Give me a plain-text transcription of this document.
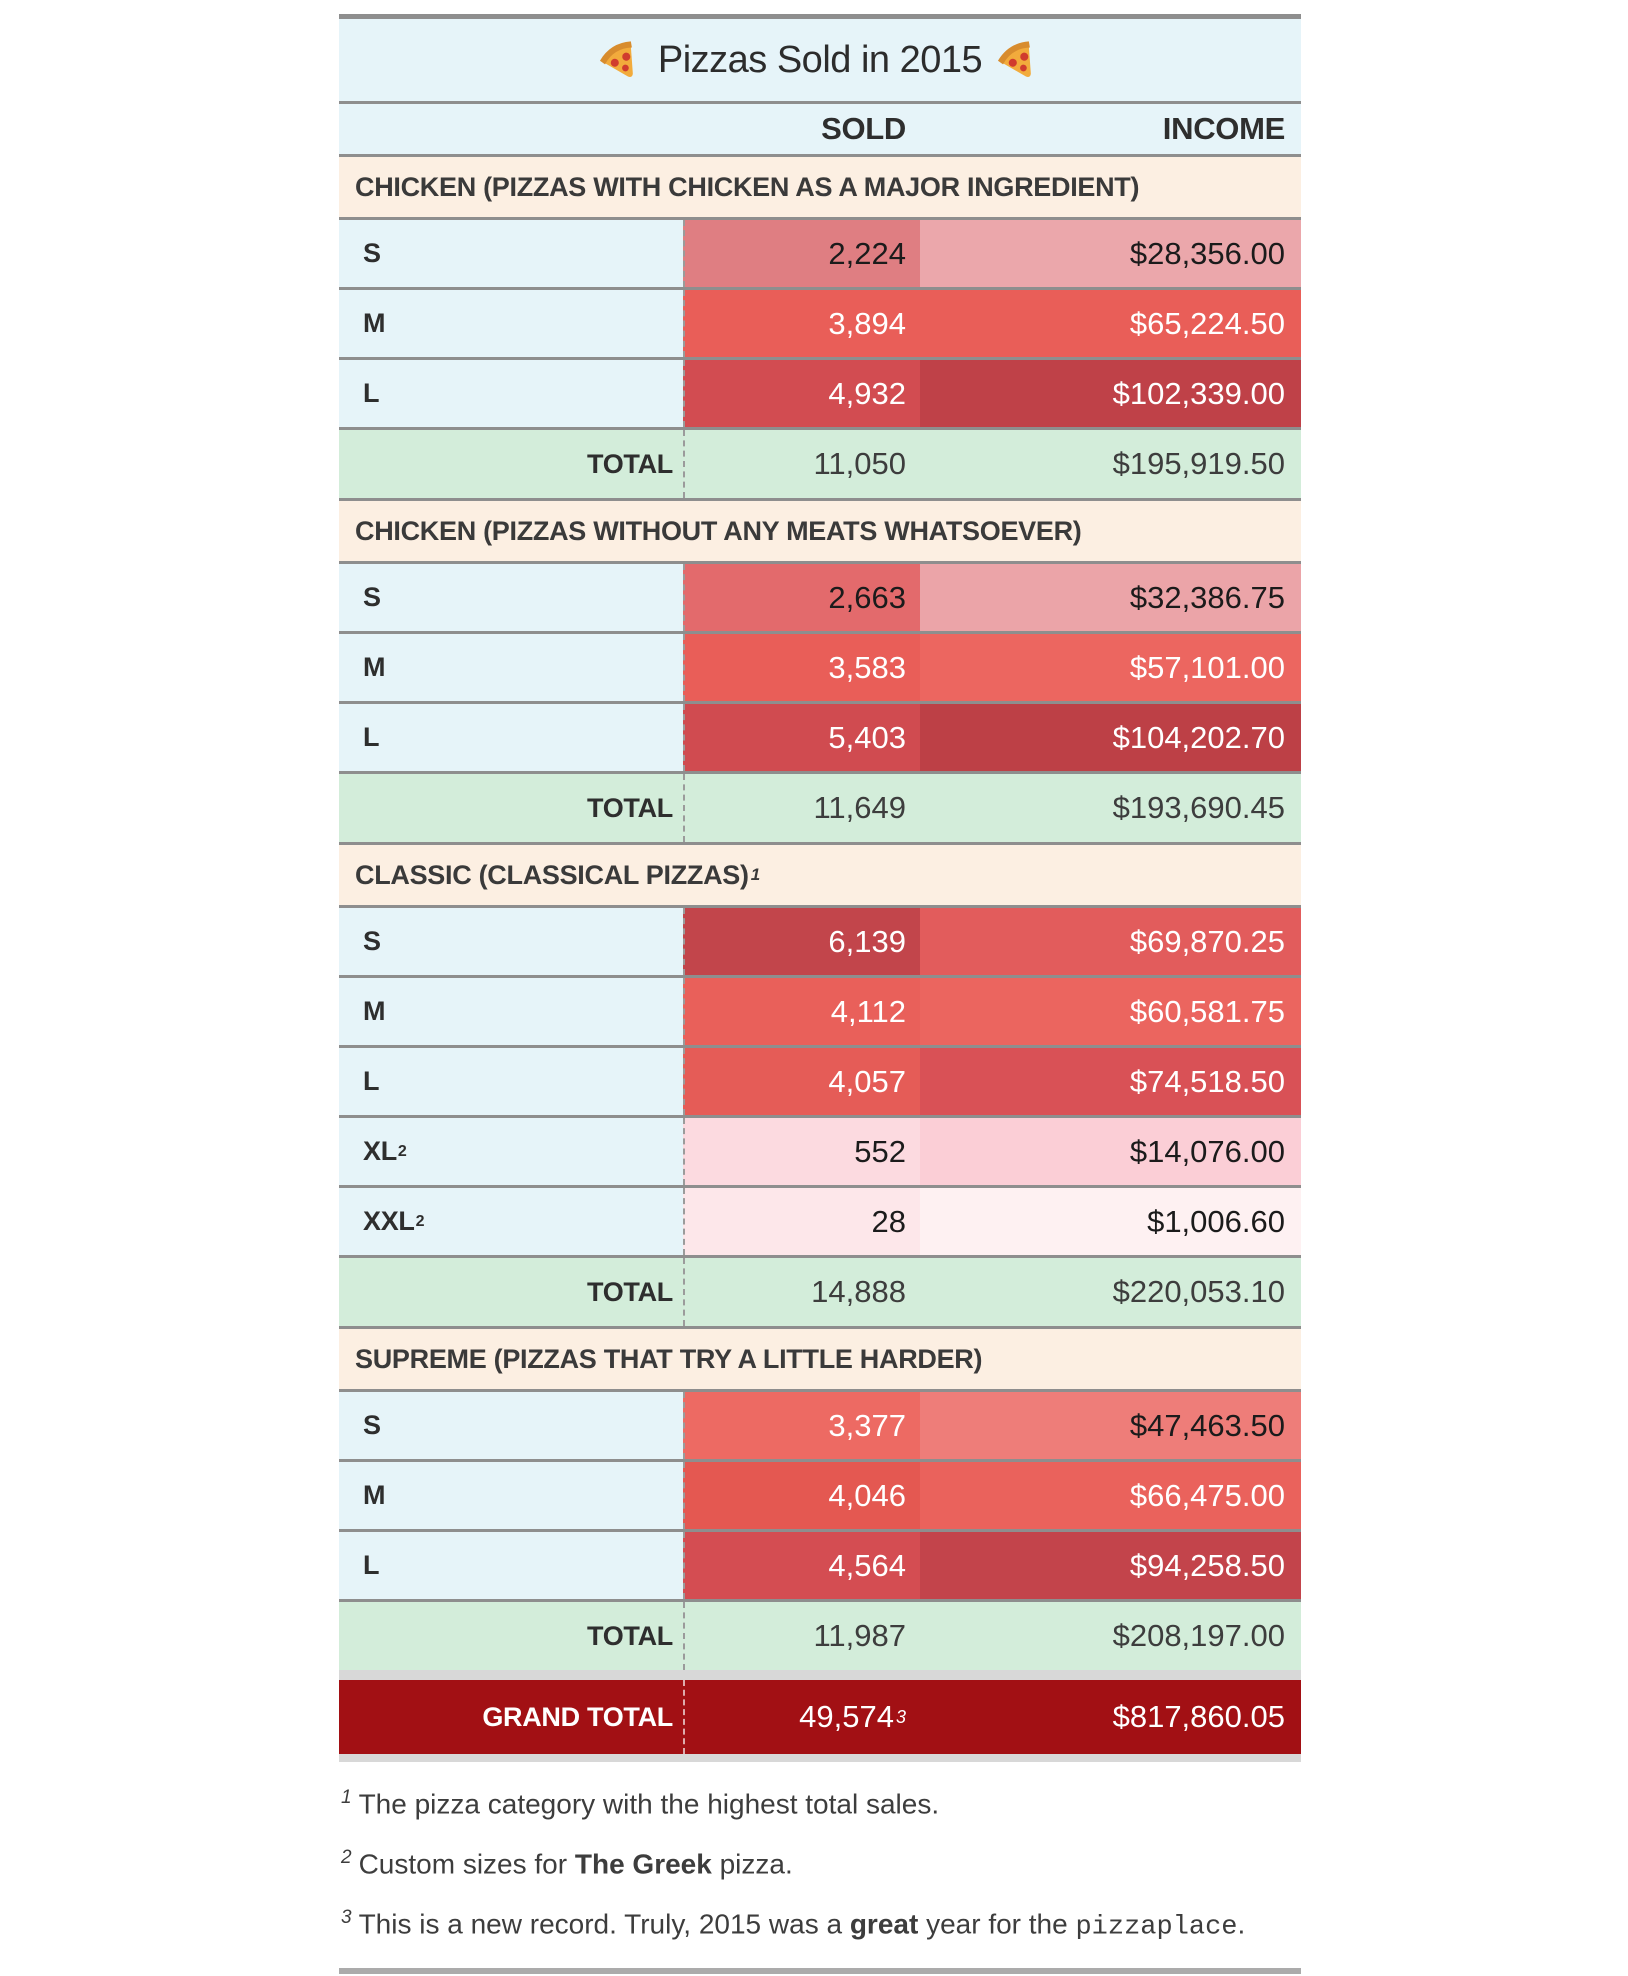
Pizzas Sold in 2015
SOLD	INCOME
CHICKEN (PIZZAS WITH CHICKEN AS A MAJOR INGREDIENT)
S	2,224	$28,356.00
M	3,894	$65,224.50
L	4,932	$102,339.00
TOTAL	11,050	$195,919.50
CHICKEN (PIZZAS WITHOUT ANY MEATS WHATSOEVER)
S	2,663	$32,386.75
M	3,583	$57,101.00
L	5,403	$104,202.70
TOTAL	11,649	$193,690.45
CLASSIC (CLASSICAL PIZZAS) 1
S	6,139	$69,870.25
M	4,112	$60,581.75
L	4,057	$74,518.50
XL 2	552	$14,076.00
XXL 2	28	$1,006.60
TOTAL	14,888	$220,053.10
SUPREME (PIZZAS THAT TRY A LITTLE HARDER)
S	3,377	$47,463.50
M	4,046	$66,475.00
L	4,564	$94,258.50
TOTAL	11,987	$208,197.00
GRAND TOTAL	49,574 3	$817,860.05

$^1$ The pizza category with the highest total sales.

$^2$ Custom sizes for The Greek pizza.

$^3$ This is a new record. Truly, 2015 was a great year for the pizzaplace.
